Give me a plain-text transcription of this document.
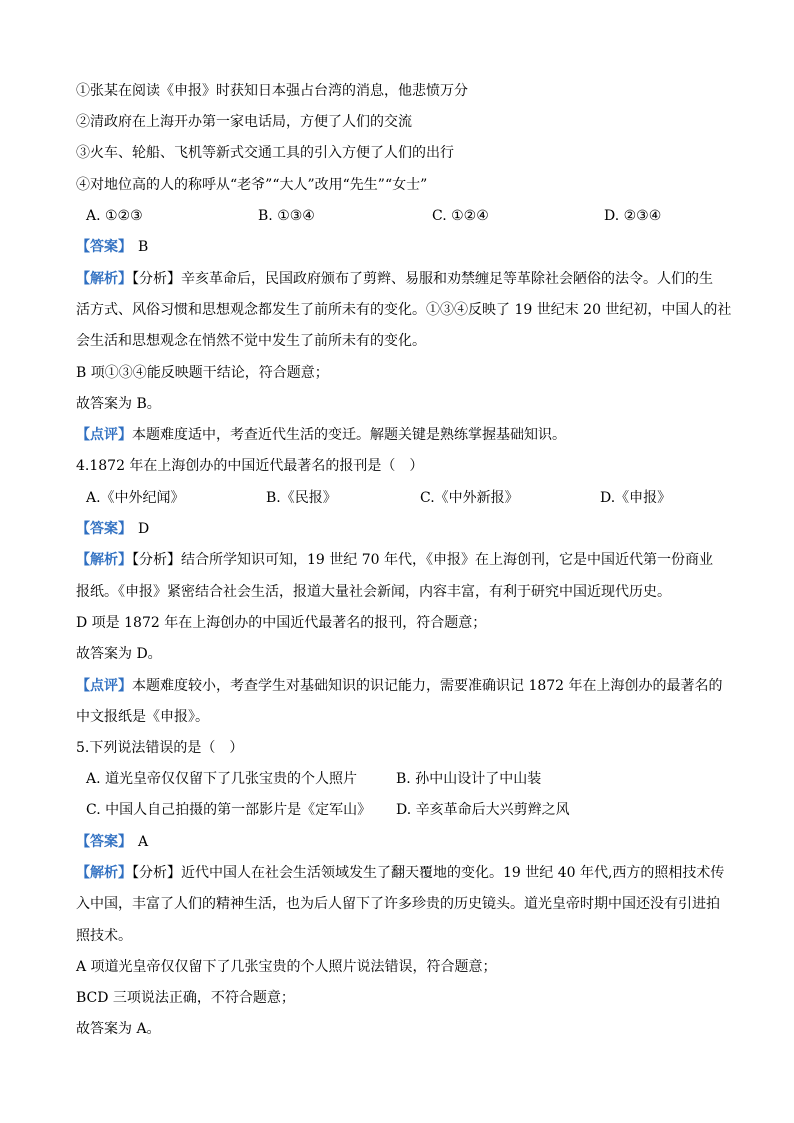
①张某在阅读《申报》时获知日本强占台湾的消息，他悲愤万分
②清政府在上海开办第一家电话局，方便了人们的交流
③火车、轮船、飞机等新式交通工具的引入方便了人们的出行
④对地位高的人的称呼从“老爷”“大人”改用“先生”“女士”
A. ①②③	B. ①③④	C. ①②④	D. ②③④
【答案】 B
【解析】【分析】辛亥革命后，民国政府颁布了剪辫、易服和劝禁缠足等革除社会陋俗的法令。人们的生
活方式、风俗习惯和思想观念都发生了前所未有的变化。①③④反映了 19 世纪末 20 世纪初，中国人的社
会生活和思想观念在悄然不觉中发生了前所未有的变化。
B 项①③④能反映题干结论，符合题意；
故答案为 B。
【点评】本题难度适中，考查近代生活的变迁。解题关键是熟练掌握基础知识。
4.1872 年在上海创办的中国近代最著名的报刊是（　）
A.《中外纪闻》	B.《民报》	C.《中外新报》	D.《申报》
【答案】 D
【解析】【分析】结合所学知识可知，19 世纪 70 年代，《申报》在上海创刊，它是中国近代第一份商业
报纸。《申报》紧密结合社会生活，报道大量社会新闻，内容丰富，有利于研究中国近现代历史。
D 项是 1872 年在上海创办的中国近代最著名的报刊，符合题意；
故答案为 D。
【点评】本题难度较小，考查学生对基础知识的识记能力，需要准确识记 1872 年在上海创办的最著名的
中文报纸是《申报》。
5.下列说法错误的是（　）
A. 道光皇帝仅仅留下了几张宝贵的个人照片	B. 孙中山设计了中山装
C. 中国人自己拍摄的第一部影片是《定军山》 D. 辛亥革命后大兴剪辫之风
【答案】 A
【解析】【分析】近代中国人在社会生活领域发生了翻天覆地的变化。19 世纪 40 年代,西方的照相技术传
入中国，丰富了人们的精神生活，也为后人留下了许多珍贵的历史镜头。道光皇帝时期中国还没有引进拍
照技术。
A 项道光皇帝仅仅留下了几张宝贵的个人照片说法错误，符合题意；
BCD 三项说法正确，不符合题意；
故答案为 A。
